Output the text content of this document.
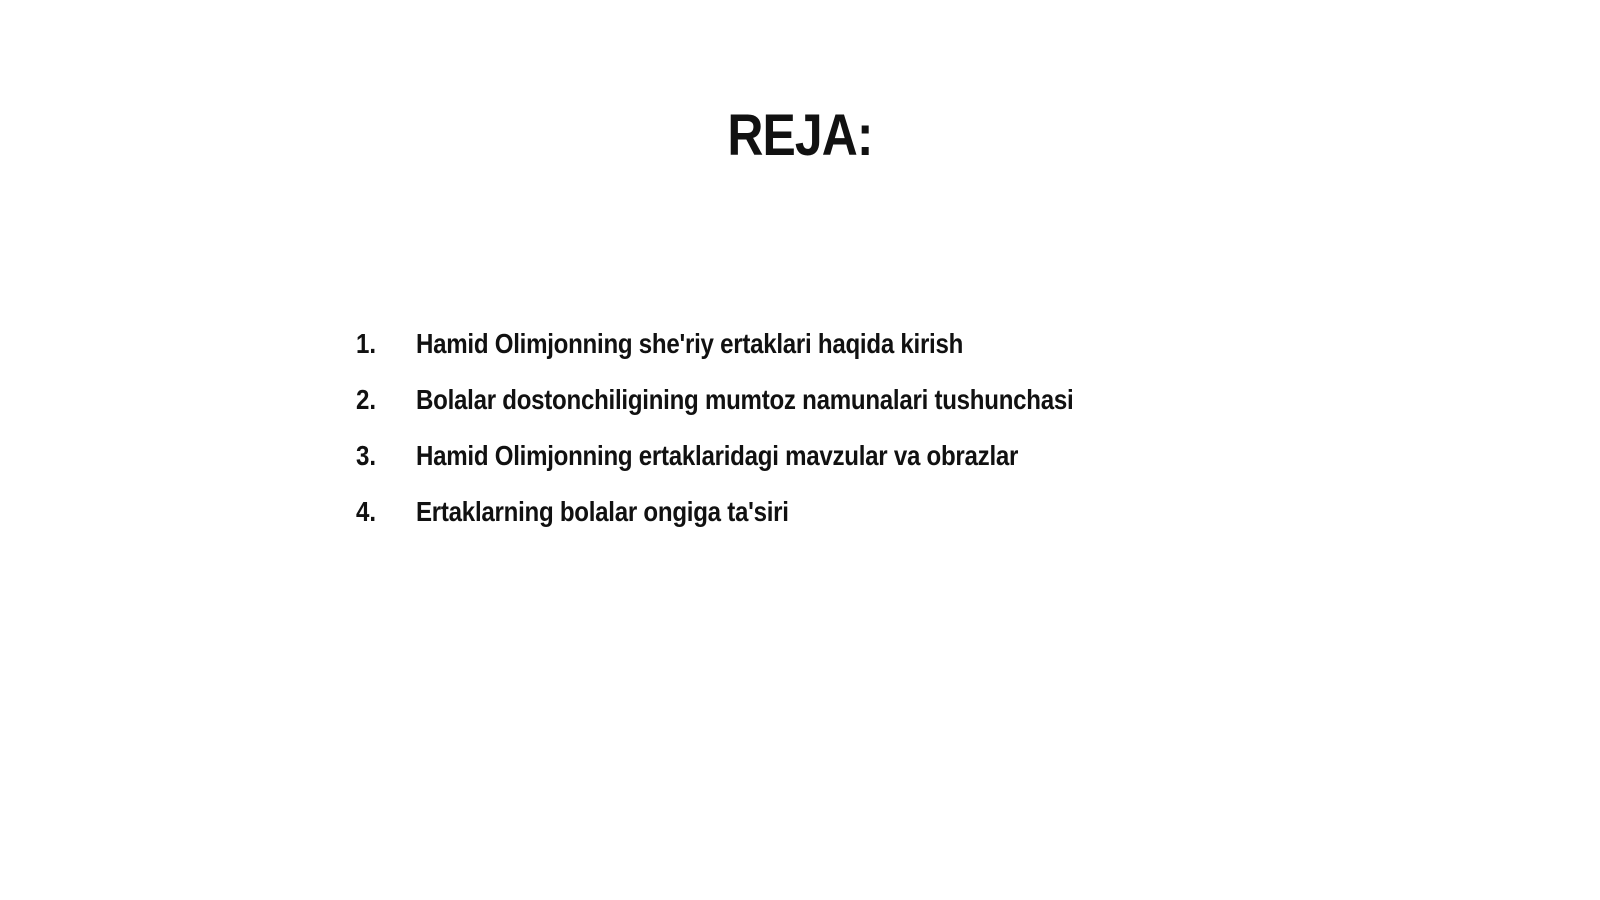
REJA:
1.	Hamid Olimjonning she'riy ertaklari haqida kirish
2.	Bolalar dostonchiligining mumtoz namunalari tushunchasi
3.	Hamid Olimjonning ertaklaridagi mavzular va obrazlar
4.	Ertaklarning bolalar ongiga ta'siri
